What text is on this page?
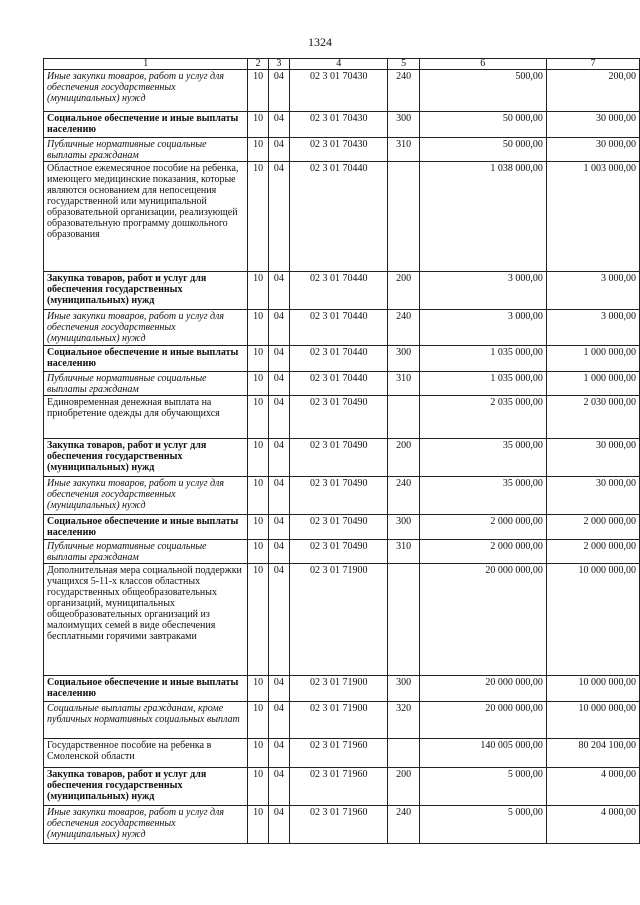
1324
1	2	3	4	5	6	7
Иные закупки товаров, работ и услуг для обеспечения государственных (муниципальных) нужд	10	04	02 3 01 70430	240	500,00	200,00
Социальное обеспечение и иные выплаты населению	10	04	02 3 01 70430	300	50 000,00	30 000,00
Публичные нормативные социальные выплаты гражданам	10	04	02 3 01 70430	310	50 000,00	30 000,00
Областное ежемесячное пособие на ребенка, имеющего медицинские показания, которые являются основанием для непосещения государственной или муниципальной образовательной организации, реализующей образовательную программу дошкольного образования	10	04	02 3 01 70440		1 038 000,00	1 003 000,00
Закупка товаров, работ и услуг для обеспечения государственных (муниципальных) нужд	10	04	02 3 01 70440	200	3 000,00	3 000,00
Иные закупки товаров, работ и услуг для обеспечения государственных (муниципальных) нужд	10	04	02 3 01 70440	240	3 000,00	3 000,00
Социальное обеспечение и иные выплаты населению	10	04	02 3 01 70440	300	1 035 000,00	1 000 000,00
Публичные нормативные социальные выплаты гражданам	10	04	02 3 01 70440	310	1 035 000,00	1 000 000,00
Единовременная денежная выплата на приобретение одежды для обучающихся	10	04	02 3 01 70490		2 035 000,00	2 030 000,00
Закупка товаров, работ и услуг для обеспечения государственных (муниципальных) нужд	10	04	02 3 01 70490	200	35 000,00	30 000,00
Иные закупки товаров, работ и услуг для обеспечения государственных (муниципальных) нужд	10	04	02 3 01 70490	240	35 000,00	30 000,00
Социальное обеспечение и иные выплаты населению	10	04	02 3 01 70490	300	2 000 000,00	2 000 000,00
Публичные нормативные социальные выплаты гражданам	10	04	02 3 01 70490	310	2 000 000,00	2 000 000,00
Дополнительная мера социальной поддержки учащихся 5-11-х классов областных государственных общеобразовательных организаций, муниципальных общеобразовательных организаций из малоимущих семей в виде обеспечения бесплатными горячими завтраками	10	04	02 3 01 71900		20 000 000,00	10 000 000,00
Социальное обеспечение и иные выплаты населению	10	04	02 3 01 71900	300	20 000 000,00	10 000 000,00
Социальные выплаты гражданам, кроме публичных нормативных социальных выплат	10	04	02 3 01 71900	320	20 000 000,00	10 000 000,00
Государственное пособие на ребенка в Смоленской области	10	04	02 3 01 71960		140 005 000,00	80 204 100,00
Закупка товаров, работ и услуг для обеспечения государственных (муниципальных) нужд	10	04	02 3 01 71960	200	5 000,00	4 000,00
Иные закупки товаров, работ и услуг для обеспечения государственных (муниципальных) нужд	10	04	02 3 01 71960	240	5 000,00	4 000,00
